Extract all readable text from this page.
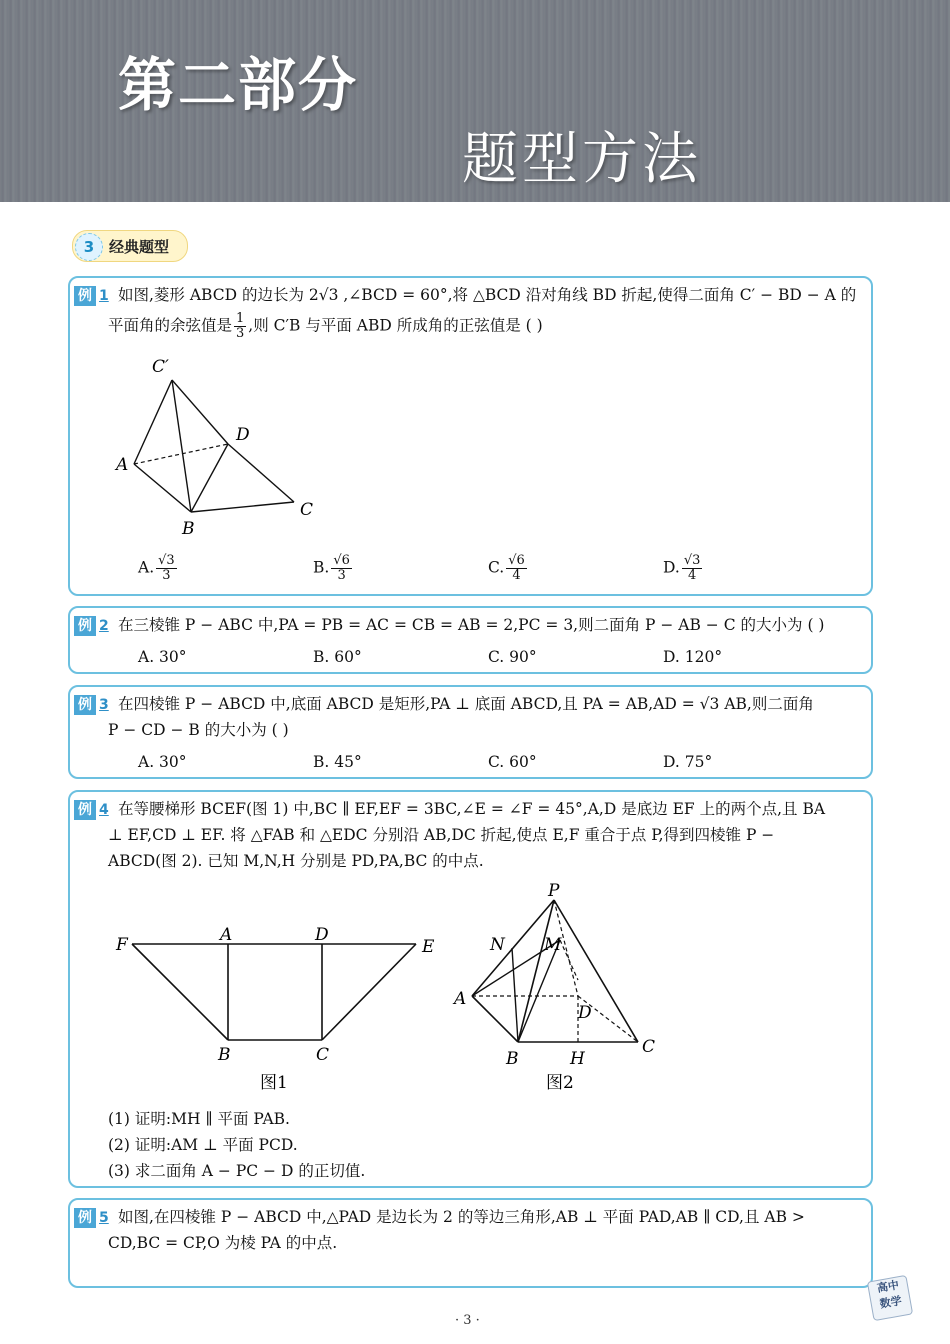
第二部分
题型方法
3 经典题型
例 1 如图,菱形 ABCD 的边长为 2√3 ,∠BCD = 60°,将 △BCD 沿对角线 BD 折起,使得二面角 C′ − BD − A 的
平面角的余弦值是 $\frac{1}{3}$ ,则 C′B 与平面 ABD 所成角的正弦值是 ( )
C′
A
D
B
C
A. $\frac{√3}{3}$	B. $\frac{√6}{3}$	C. $\frac{√6}{4}$	D. $\frac{√3}{4}$
例 2 在三棱锥 P − ABC 中,PA = PB = AC = CB = AB = 2,PC = 3,则二面角 P − AB − C 的大小为 ( )
A. 30°	B. 60°	C. 90°	D. 120°
例 3 在四棱锥 P − ABCD 中,底面 ABCD 是矩形,PA ⊥ 底面 ABCD,且 PA = AB,AD = √3 AB,则二面角
P − CD − B 的大小为 ( )
A. 30°	B. 45°	C. 60°	D. 75°
例 4 在等腰梯形 BCEF(图 1) 中,BC ∥ EF,EF = 3BC,∠E = ∠F = 45°,A,D 是底边 EF 上的两个点,且 BA
⊥ EF,CD ⊥ EF. 将 △FAB 和 △EDC 分别沿 AB,DC 折起,使点 E,F 重合于点 P,得到四棱锥 P −
ABCD(图 2). 已知 M,N,H 分别是 PD,PA,BC 的中点.
F	A	D
E
B	C
图1
P
N M
A
D
B	H
C
图2
(1) 证明:MH ∥ 平面 PAB.
(2) 证明:AM ⊥ 平面 PCD.
(3) 求二面角 A − PC − D 的正切值.
例 5 如图,在四棱锥 P − ABCD 中,△PAD 是边长为 2 的等边三角形,AB ⊥ 平面 PAD,AB ∥ CD,且 AB >
CD,BC = CP,O 为棱 PA 的中点.
· 3 ·
高中
数学
